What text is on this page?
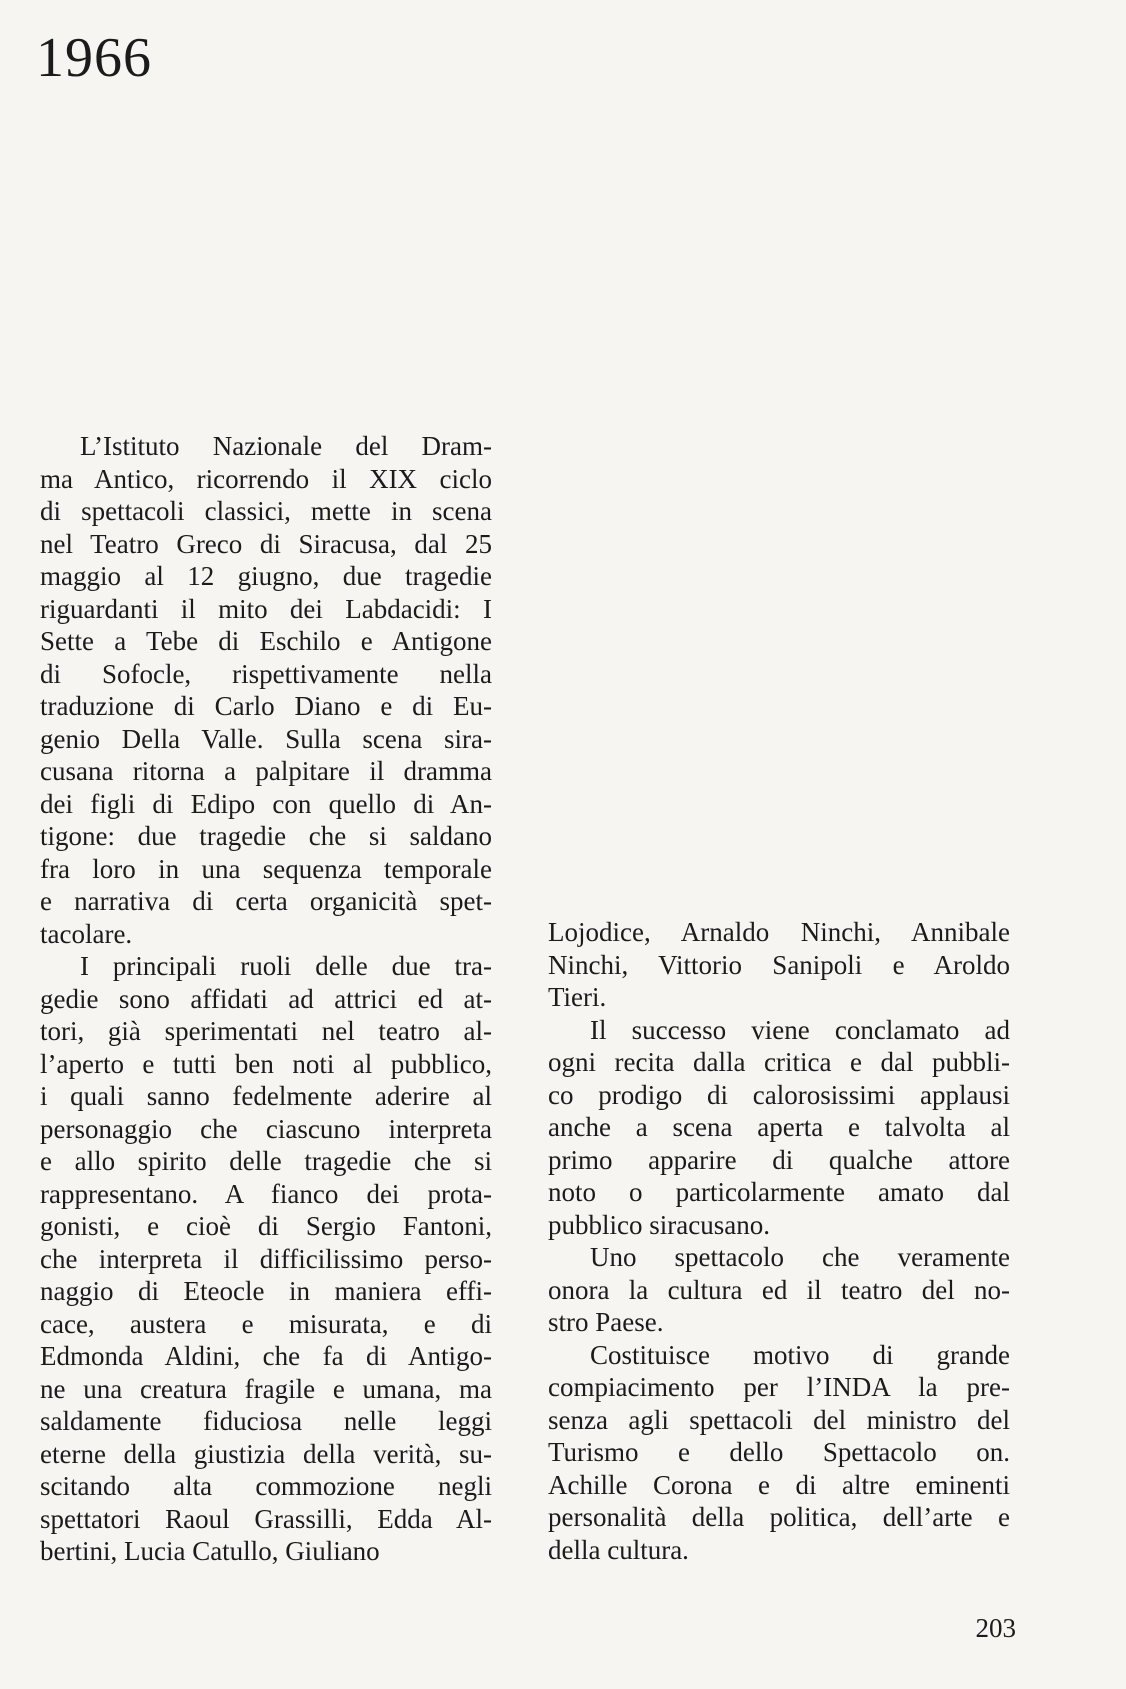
1966

L’Istituto Nazionale del Dram-
ma Antico, ricorrendo il XIX ciclo
di spettacoli classici, mette in scena
nel Teatro Greco di Siracusa, dal 25
maggio al 12 giugno, due tragedie
riguardanti il mito dei Labdacidi: I
Sette a Tebe di Eschilo e Antigone
di Sofocle, rispettivamente nella
traduzione di Carlo Diano e di Eu-
genio Della Valle. Sulla scena sira-
cusana ritorna a palpitare il dramma
dei figli di Edipo con quello di An-
tigone: due tragedie che si saldano
fra loro in una sequenza temporale
e narrativa di certa organicità spet-
tacolare.

I principali ruoli delle due tra-
gedie sono affidati ad attrici ed at-
tori, già sperimentati nel teatro al-
l’aperto e tutti ben noti al pubblico,
i quali sanno fedelmente aderire al
personaggio che ciascuno interpreta
e allo spirito delle tragedie che si
rappresentano. A fianco dei prota-
gonisti, e cioè di Sergio Fantoni,
che interpreta il difficilissimo perso-
naggio di Eteocle in maniera effi-
cace, austera e misurata, e di
Edmonda Aldini, che fa di Antigo-
ne una creatura fragile e umana, ma
saldamente fiduciosa nelle leggi
eterne della giustizia della verità, su-
scitando alta commozione negli
spettatori Raoul Grassilli, Edda Al-
bertini, Lucia Catullo, Giuliano

Lojodice, Arnaldo Ninchi, Annibale
Ninchi, Vittorio Sanipoli e Aroldo
Tieri.

Il successo viene conclamato ad
ogni recita dalla critica e dal pubbli-
co prodigo di calorosissimi applausi
anche a scena aperta e talvolta al
primo apparire di qualche attore
noto o particolarmente amato dal
pubblico siracusano.

Uno spettacolo che veramente
onora la cultura ed il teatro del no-
stro Paese.

Costituisce motivo di grande
compiacimento per l’INDA la pre-
senza agli spettacoli del ministro del
Turismo e dello Spettacolo on.
Achille Corona e di altre eminenti
personalità della politica, dell’arte e
della cultura.

203
